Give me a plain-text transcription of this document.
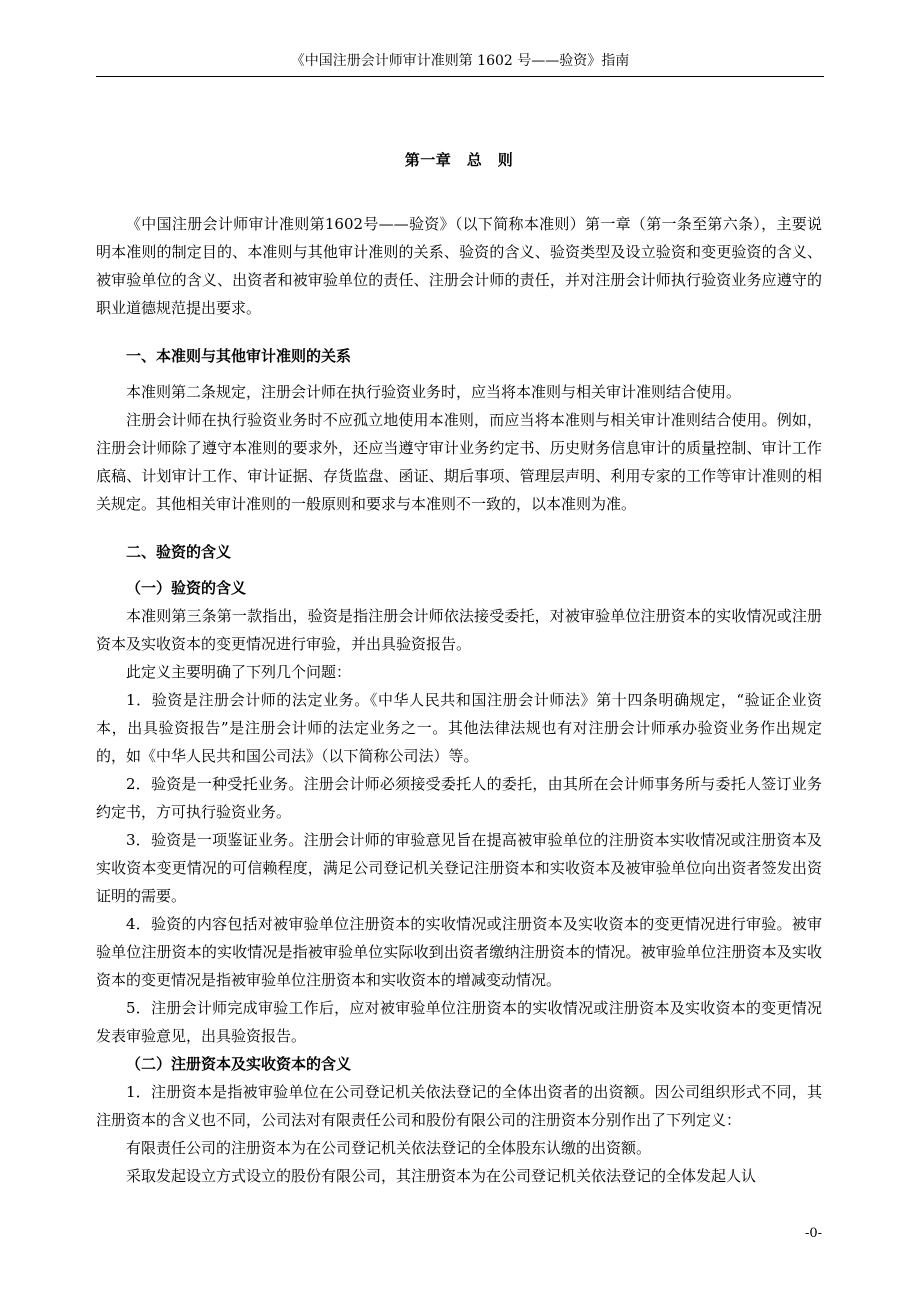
《中国注册会计师审计准则第 1602 号——验资》指南
第一章　总　则

《中国注册会计师审计准则第1602号——验资》（以下简称本准则）第一章（第一条至第六条），主要说明本准则的制定目的、本准则与其他审计准则的关系、验资的含义、验资类型及设立验资和变更验资的含义、被审验单位的含义、出资者和被审验单位的责任、注册会计师的责任，并对注册会计师执行验资业务应遵守的职业道德规范提出要求。

一、本准则与其他审计准则的关系

本准则第二条规定，注册会计师在执行验资业务时，应当将本准则与相关审计准则结合使用。

注册会计师在执行验资业务时不应孤立地使用本准则，而应当将本准则与相关审计准则结合使用。例如，注册会计师除了遵守本准则的要求外，还应当遵守审计业务约定书、历史财务信息审计的质量控制、审计工作底稿、计划审计工作、审计证据、存货监盘、函证、期后事项、管理层声明、利用专家的工作等审计准则的相关规定。其他相关审计准则的一般原则和要求与本准则不一致的，以本准则为准。

二、验资的含义
（一）验资的含义

本准则第三条第一款指出，验资是指注册会计师依法接受委托，对被审验单位注册资本的实收情况或注册资本及实收资本的变更情况进行审验，并出具验资报告。

此定义主要明确了下列几个问题：

1．验资是注册会计师的法定业务。《中华人民共和国注册会计师法》第十四条明确规定，“验证企业资本，出具验资报告”是注册会计师的法定业务之一。其他法律法规也有对注册会计师承办验资业务作出规定的，如《中华人民共和国公司法》（以下简称公司法）等。

2．验资是一种受托业务。注册会计师必须接受委托人的委托，由其所在会计师事务所与委托人签订业务约定书，方可执行验资业务。

3．验资是一项鉴证业务。注册会计师的审验意见旨在提高被审验单位的注册资本实收情况或注册资本及实收资本变更情况的可信赖程度，满足公司登记机关登记注册资本和实收资本及被审验单位向出资者签发出资证明的需要。

4．验资的内容包括对被审验单位注册资本的实收情况或注册资本及实收资本的变更情况进行审验。被审验单位注册资本的实收情况是指被审验单位实际收到出资者缴纳注册资本的情况。被审验单位注册资本及实收资本的变更情况是指被审验单位注册资本和实收资本的增减变动情况。

5．注册会计师完成审验工作后，应对被审验单位注册资本的实收情况或注册资本及实收资本的变更情况发表审验意见，出具验资报告。

（二）注册资本及实收资本的含义

1．注册资本是指被审验单位在公司登记机关依法登记的全体出资者的出资额。因公司组织形式不同，其注册资本的含义也不同，公司法对有限责任公司和股份有限公司的注册资本分别作出了下列定义：

有限责任公司的注册资本为在公司登记机关依法登记的全体股东认缴的出资额。

采取发起设立方式设立的股份有限公司，其注册资本为在公司登记机关依法登记的全体发起人认

-0-
